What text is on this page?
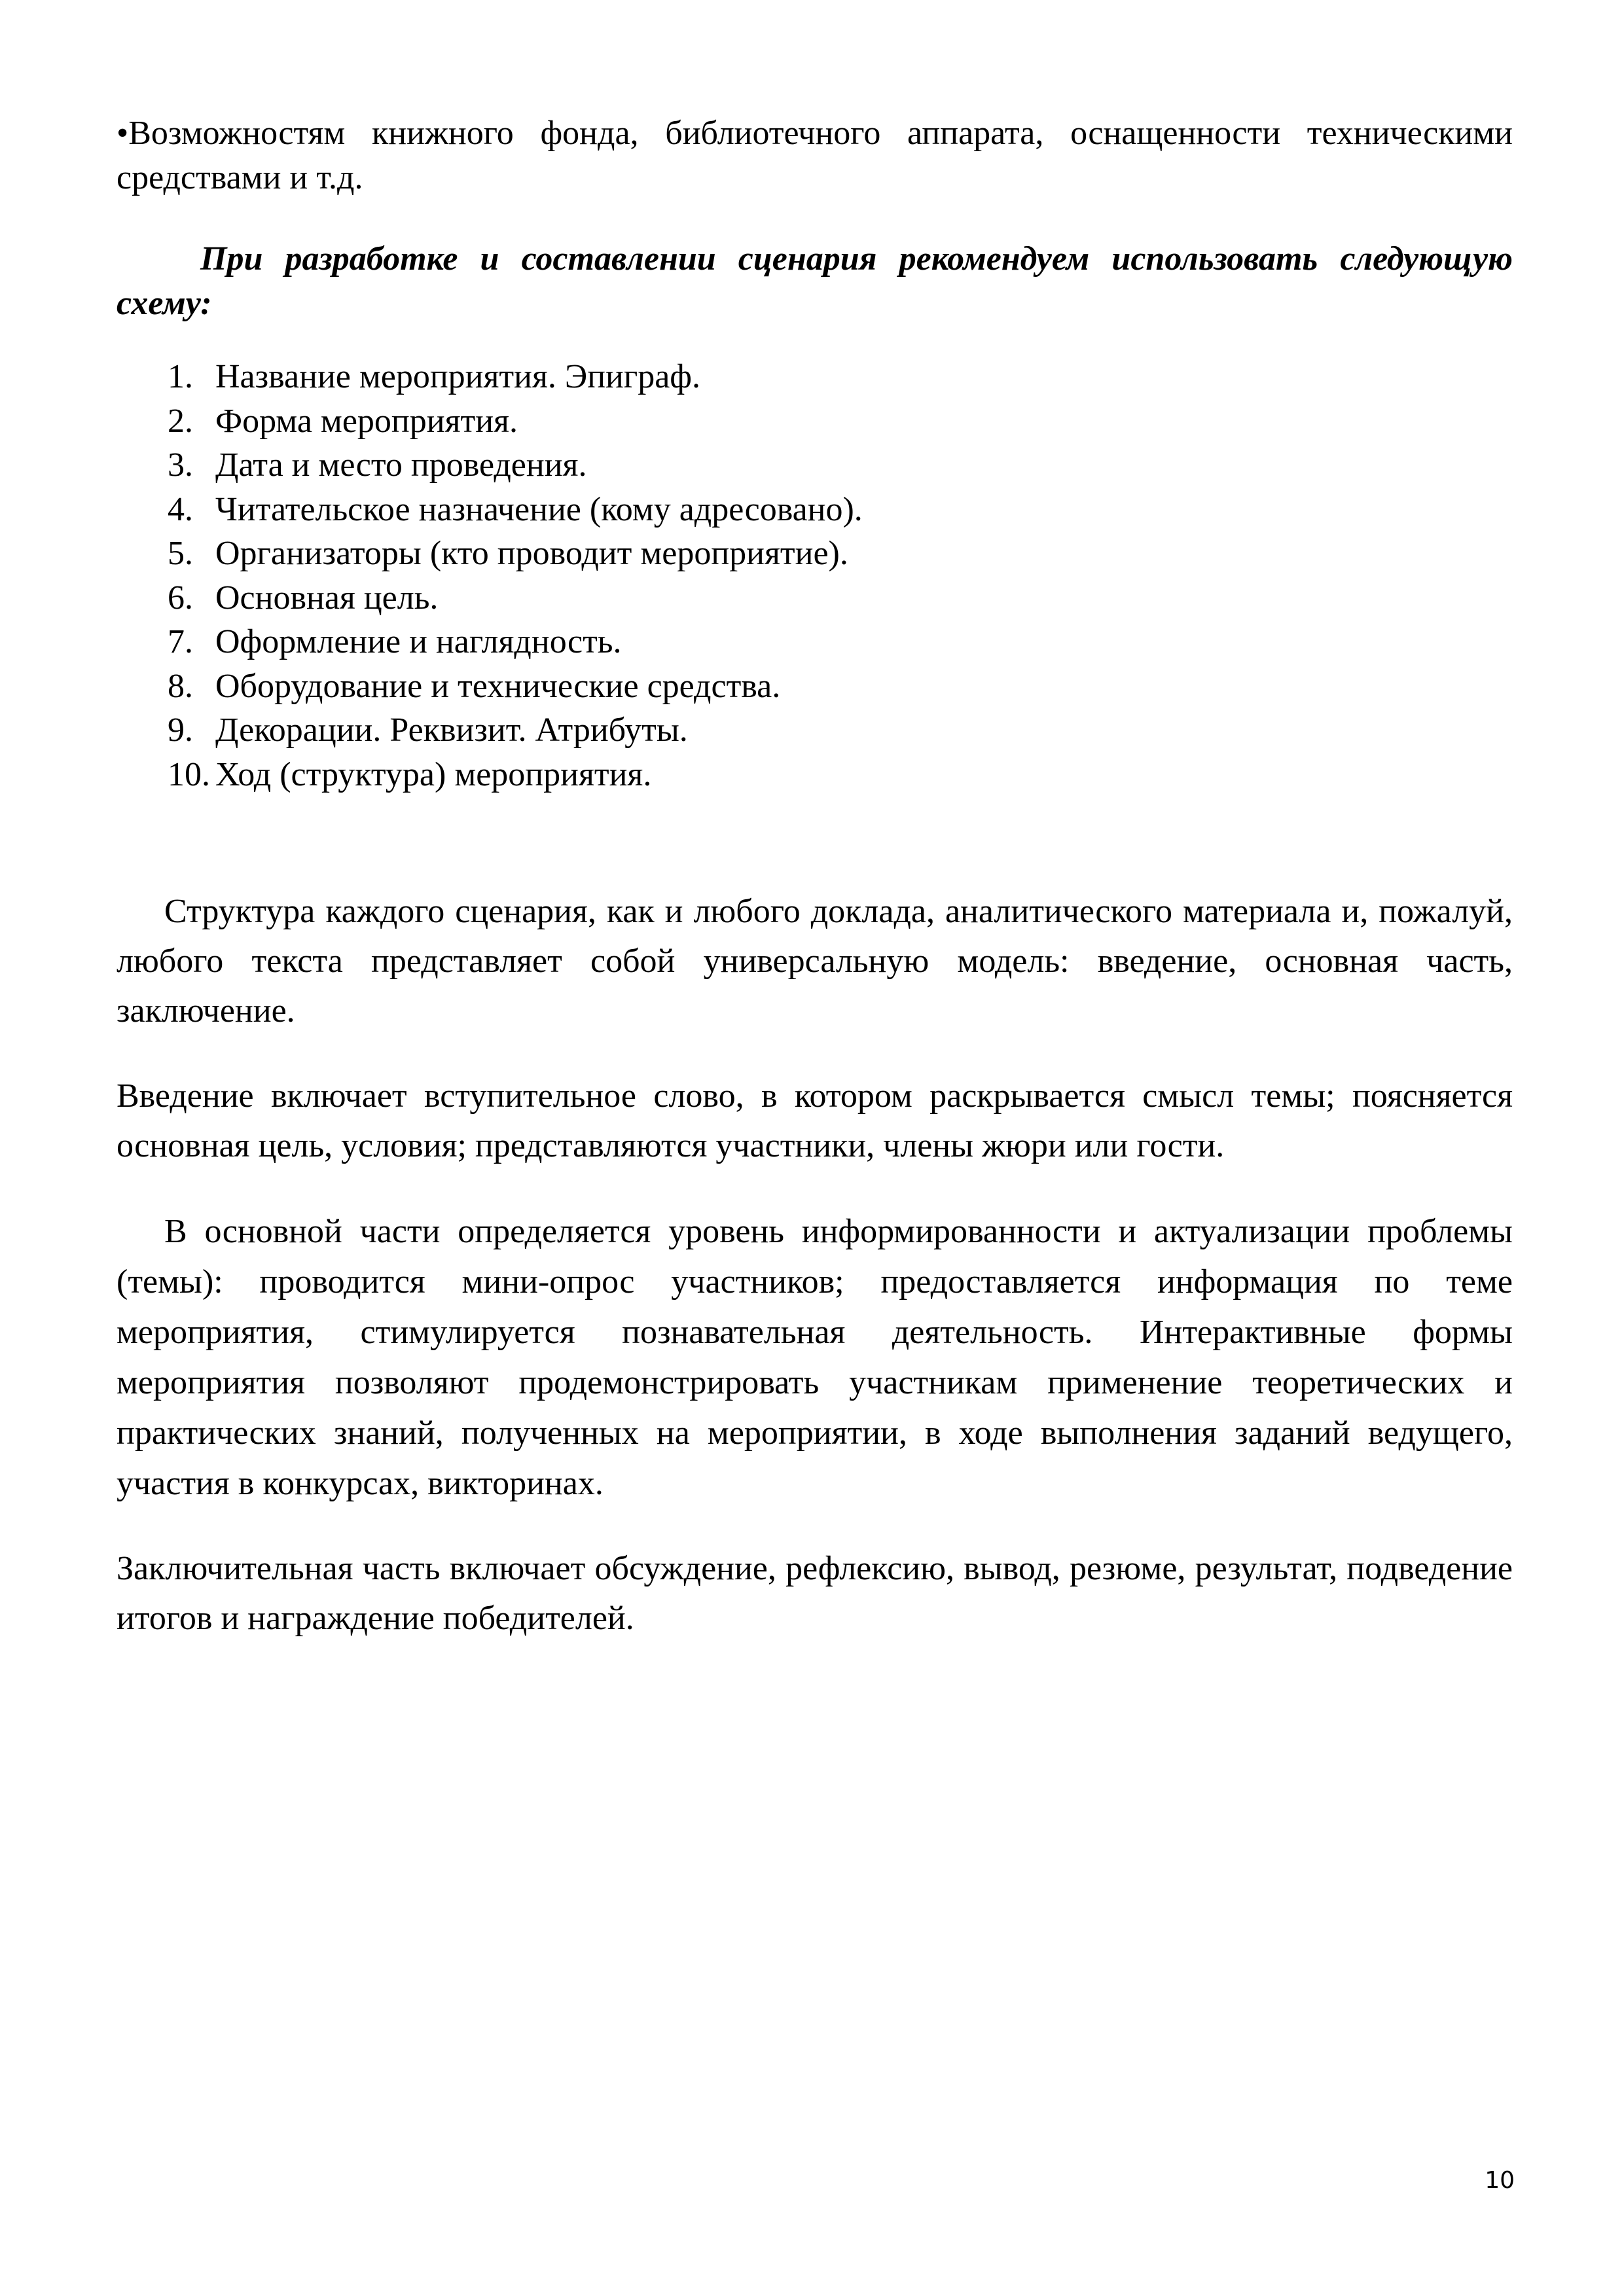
•Возможностям книжного фонда, библиотечного аппарата, оснащенности техническими средствами и т.д.

При разработке и составлении сценария рекомендуем использовать следующую схему:

1. Название мероприятия. Эпиграф.
2. Форма мероприятия.
3. Дата и место проведения.
4. Читательское назначение (кому адресовано).
5. Организаторы (кто проводит мероприятие).
6. Основная цель.
7. Оформление и наглядность.
8. Оборудование и технические средства.
9. Декорации. Реквизит. Атрибуты.
10. Ход (структура) мероприятия.

Структура каждого сценария, как и любого доклада, аналитического материала и, пожалуй, любого текста представляет собой универсальную модель: введение, основная часть, заключение.

Введение включает вступительное слово, в котором раскрывается смысл темы; поясняется основная цель, условия; представляются участники, члены жюри или гости.

В основной части определяется уровень информированности и актуализации проблемы (темы): проводится мини-опрос участников; предоставляется информация по теме мероприятия, стимулируется познавательная деятельность. Интерактивные формы мероприятия позволяют продемонстрировать участникам применение теоретических и практических знаний, полученных на мероприятии, в ходе выполнения заданий ведущего, участия в конкурсах, викторинах.

Заключительная часть включает обсуждение, рефлексию, вывод, резюме, результат, подведение итогов и награждение победителей.

10
